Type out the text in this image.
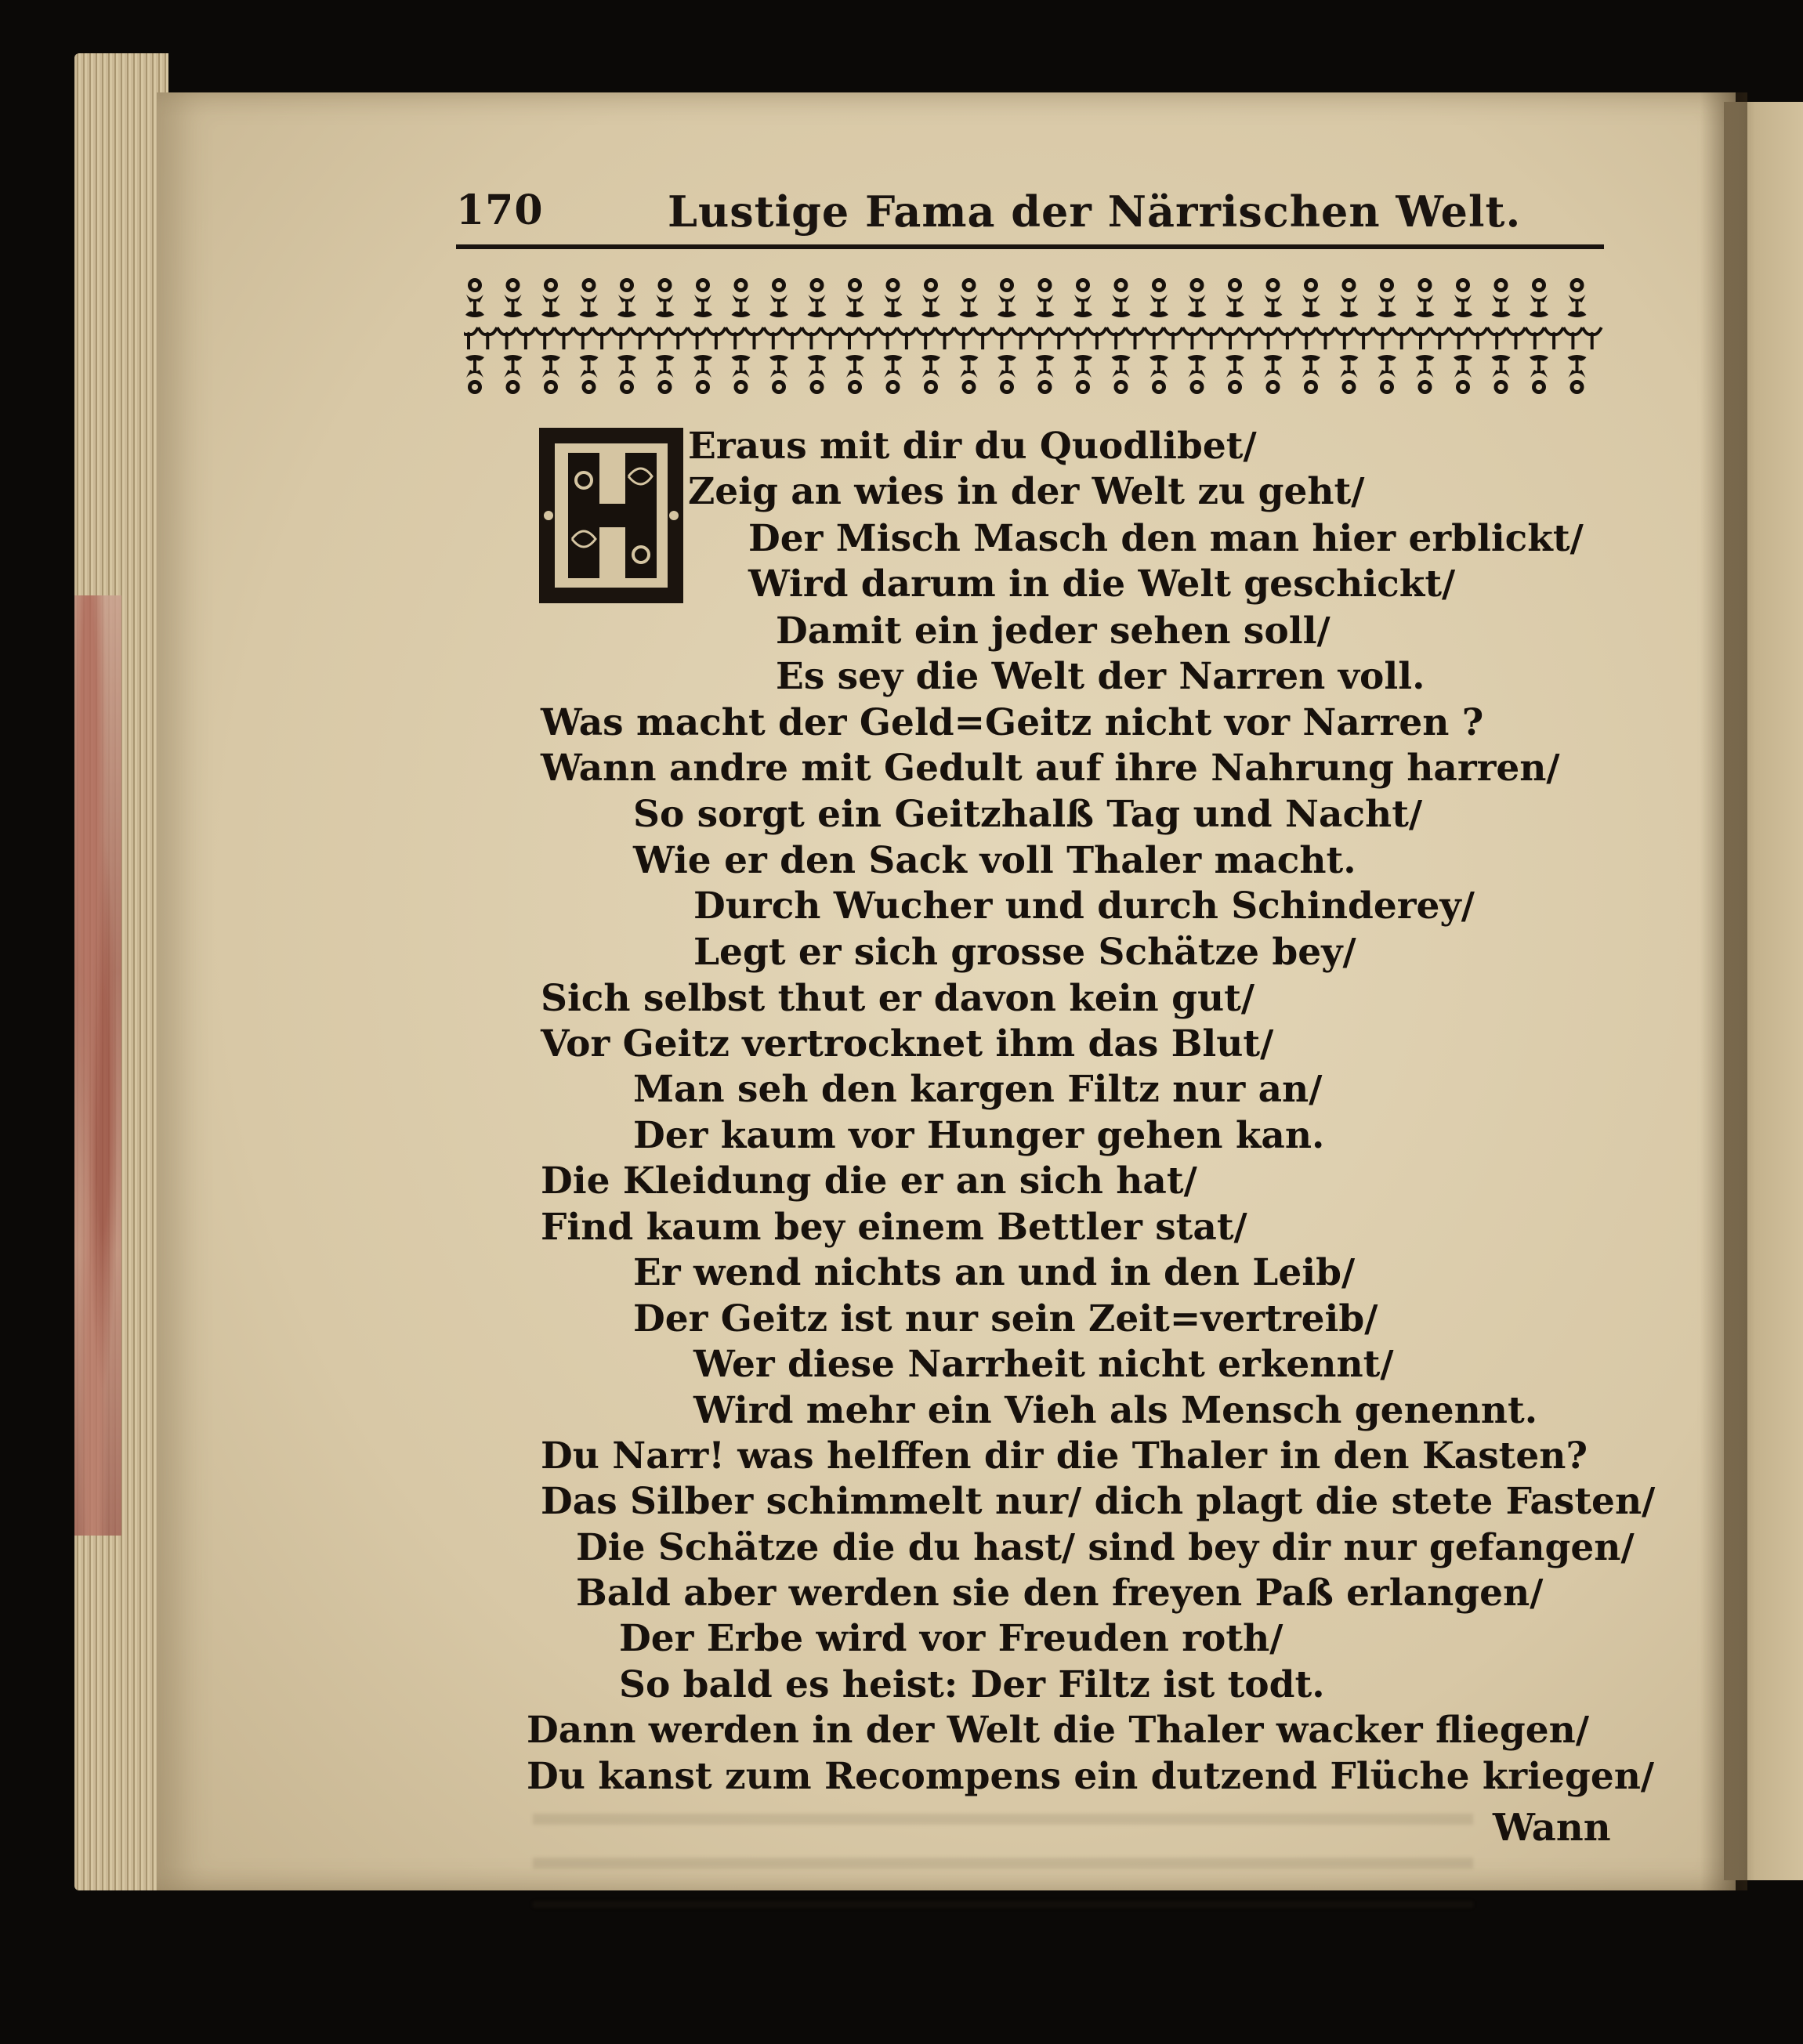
170	Lustige Fama der Närrischen Welt.
Eraus mit dir du Quodlibet/
Zeig an wies in der Welt zu geht/
Der Misch Masch den man hier erblickt/
Wird darum in die Welt geschickt/
Damit ein jeder sehen soll/
Es sey die Welt der Narren voll.
Was macht der Geld=Geitz nicht vor Narren ?
Wann andre mit Gedult auf ihre Nahrung harren/
So sorgt ein Geitzhalß Tag und Nacht/
Wie er den Sack voll Thaler macht.
Durch Wucher und durch Schinderey/
Legt er sich grosse Schätze bey/
Sich selbst thut er davon kein gut/
Vor Geitz vertrocknet ihm das Blut/
Man seh den kargen Filtz nur an/
Der kaum vor Hunger gehen kan.
Die Kleidung die er an sich hat/
Find kaum bey einem Bettler stat/
Er wend nichts an und in den Leib/
Der Geitz ist nur sein Zeit=vertreib/
Wer diese Narrheit nicht erkennt/
Wird mehr ein Vieh als Mensch genennt.
Du Narr! was helffen dir die Thaler in den Kasten?
Das Silber schimmelt nur/ dich plagt die stete Fasten/
Die Schätze die du hast/ sind bey dir nur gefangen/
Bald aber werden sie den freyen Paß erlangen/
Der Erbe wird vor Freuden roth/
So bald es heist: Der Filtz ist todt.
Dann werden in der Welt die Thaler wacker fliegen/
Du kanst zum Recompens ein dutzend Flüche kriegen/
Wann
